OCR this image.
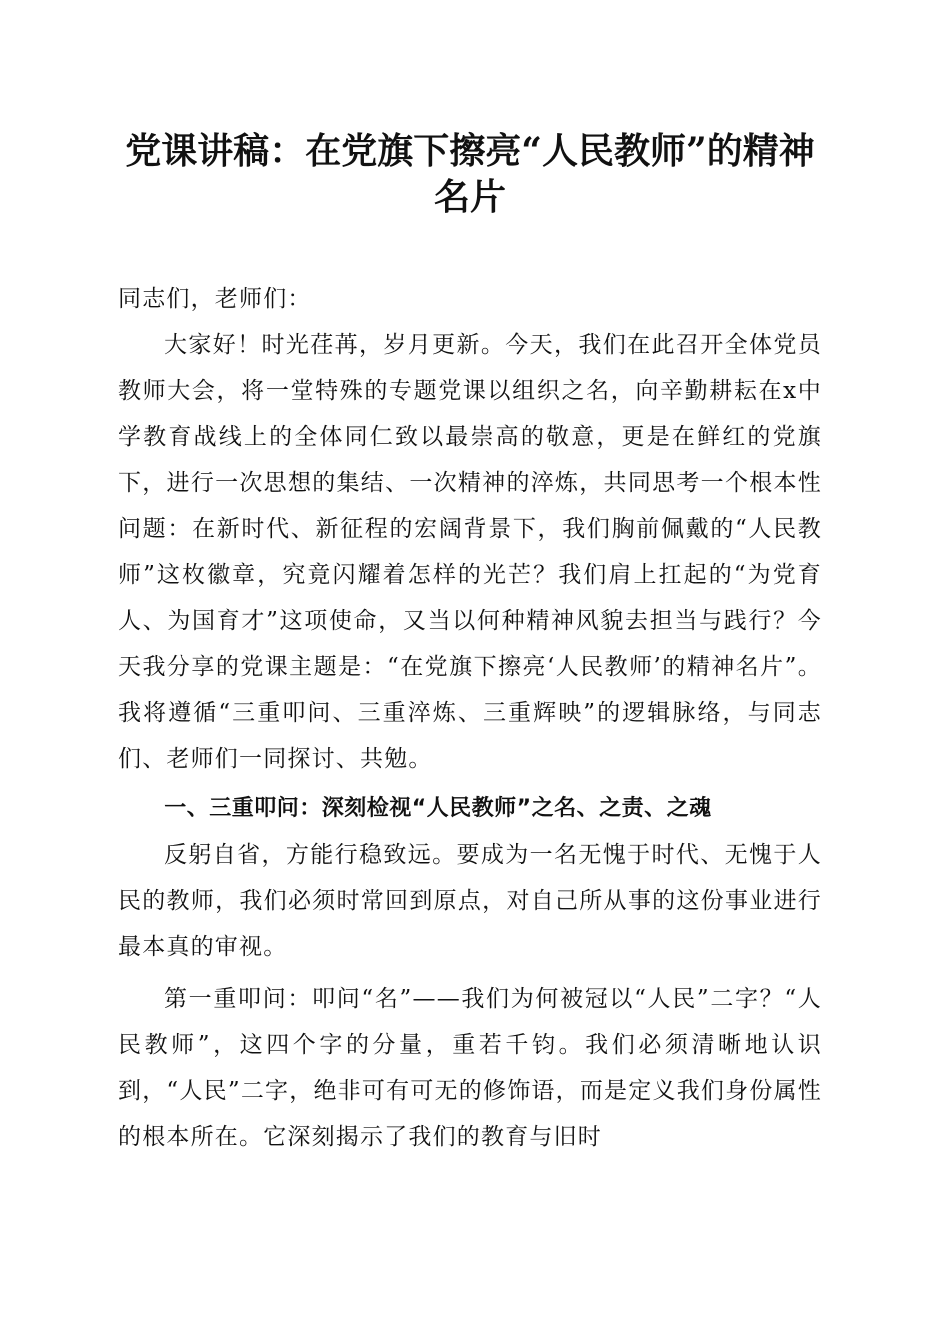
党课讲稿：在党旗下擦亮“人民教师”的精神名片

同志们，老师们：

大家好！时光荏苒，岁月更新。今天，我们在此召开全体党员教师大会，将一堂特殊的专题党课以组织之名，向辛勤耕耘在x中学教育战线上的全体同仁致以最崇高的敬意，更是在鲜红的党旗下，进行一次思想的集结、一次精神的淬炼，共同思考一个根本性问题：在新时代、新征程的宏阔背景下，我们胸前佩戴的“人民教师”这枚徽章，究竟闪耀着怎样的光芒？我们肩上扛起的“为党育人、为国育才”这项使命，又当以何种精神风貌去担当与践行？今天我分享的党课主题是：“在党旗下擦亮‘人民教师’的精神名片”。我将遵循“三重叩问、三重淬炼、三重辉映”的逻辑脉络，与同志们、老师们一同探讨、共勉。

一、三重叩问：深刻检视“人民教师”之名、之责、之魂

反躬自省，方能行稳致远。要成为一名无愧于时代、无愧于人民的教师，我们必须时常回到原点，对自己所从事的这份事业进行最本真的审视。

第一重叩问：叩问“名”——我们为何被冠以“人民”二字？“人民教师”，这四个字的分量，重若千钧。我们必须清晰地认识到，“人民”二字，绝非可有可无的修饰语，而是定义我们身份属性的根本所在。它深刻揭示了我们的教育与旧时
